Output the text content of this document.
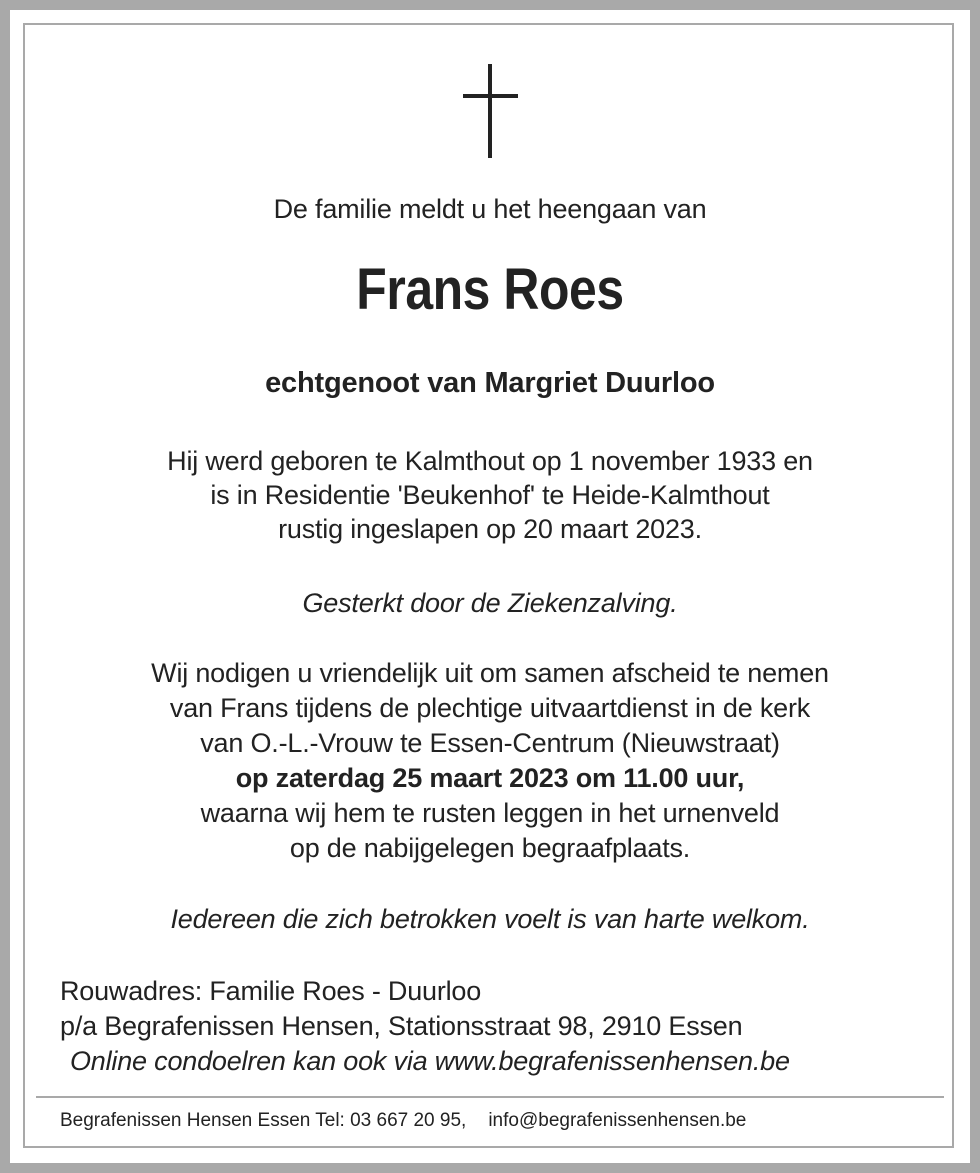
De familie meldt u het heengaan van
Frans Roes
echtgenoot van Margriet Duurloo
Hij werd geboren te Kalmthout op 1 november 1933 en
is in Residentie 'Beukenhof' te Heide-Kalmthout
rustig ingeslapen op 20 maart 2023.
Gesterkt door de Ziekenzalving.
Wij nodigen u vriendelijk uit om samen afscheid te nemen
van Frans tijdens de plechtige uitvaartdienst in de kerk
van O.-L.-Vrouw te Essen-Centrum (Nieuwstraat)
op zaterdag 25 maart 2023 om 11.00 uur,
waarna wij hem te rusten leggen in het urnenveld
op de nabijgelegen begraafplaats.
Iedereen die zich betrokken voelt is van harte welkom.
Rouwadres: Familie Roes - Duurloo
p/a Begrafenissen Hensen, Stationsstraat 98, 2910 Essen
Online condoelren kan ook via www.begrafenissenhensen.be
Begrafenissen Hensen Essen Tel: 03 667 20 95, info@begrafenissenhensen.be
